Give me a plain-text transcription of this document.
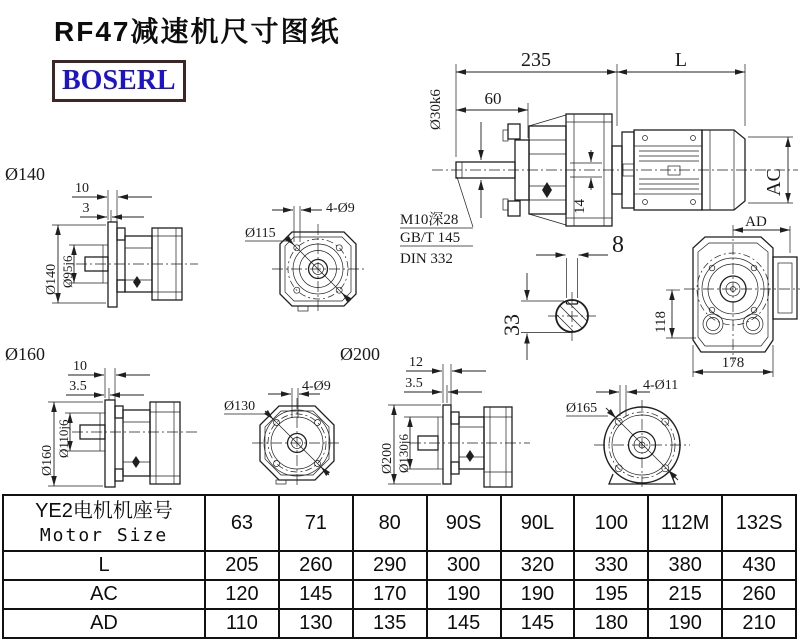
RF47减速机尺寸图纸
BOSERL
235	L
60
Ø30k6
AC
14
M10深28
GB/T 145
DIN 332
8
33
AD
118
178
Ø140
10
3
Ø140 Ø95j6
4-Ø9
Ø115
Ø160
10
3.5
Ø160
Ø110j6
4-Ø9
Ø130
Ø200 12
3.5
Ø200 Ø130j6
4-Ø11
Ø165
YE2电机机座号
Motor Size	63	71	80	90S	90L	100	112M	132S
L	205	260	290	300	320	330	380	430
AC	120	145	170	190	190	195	215	260
AD	110	130	135	145	145	180	190	210
